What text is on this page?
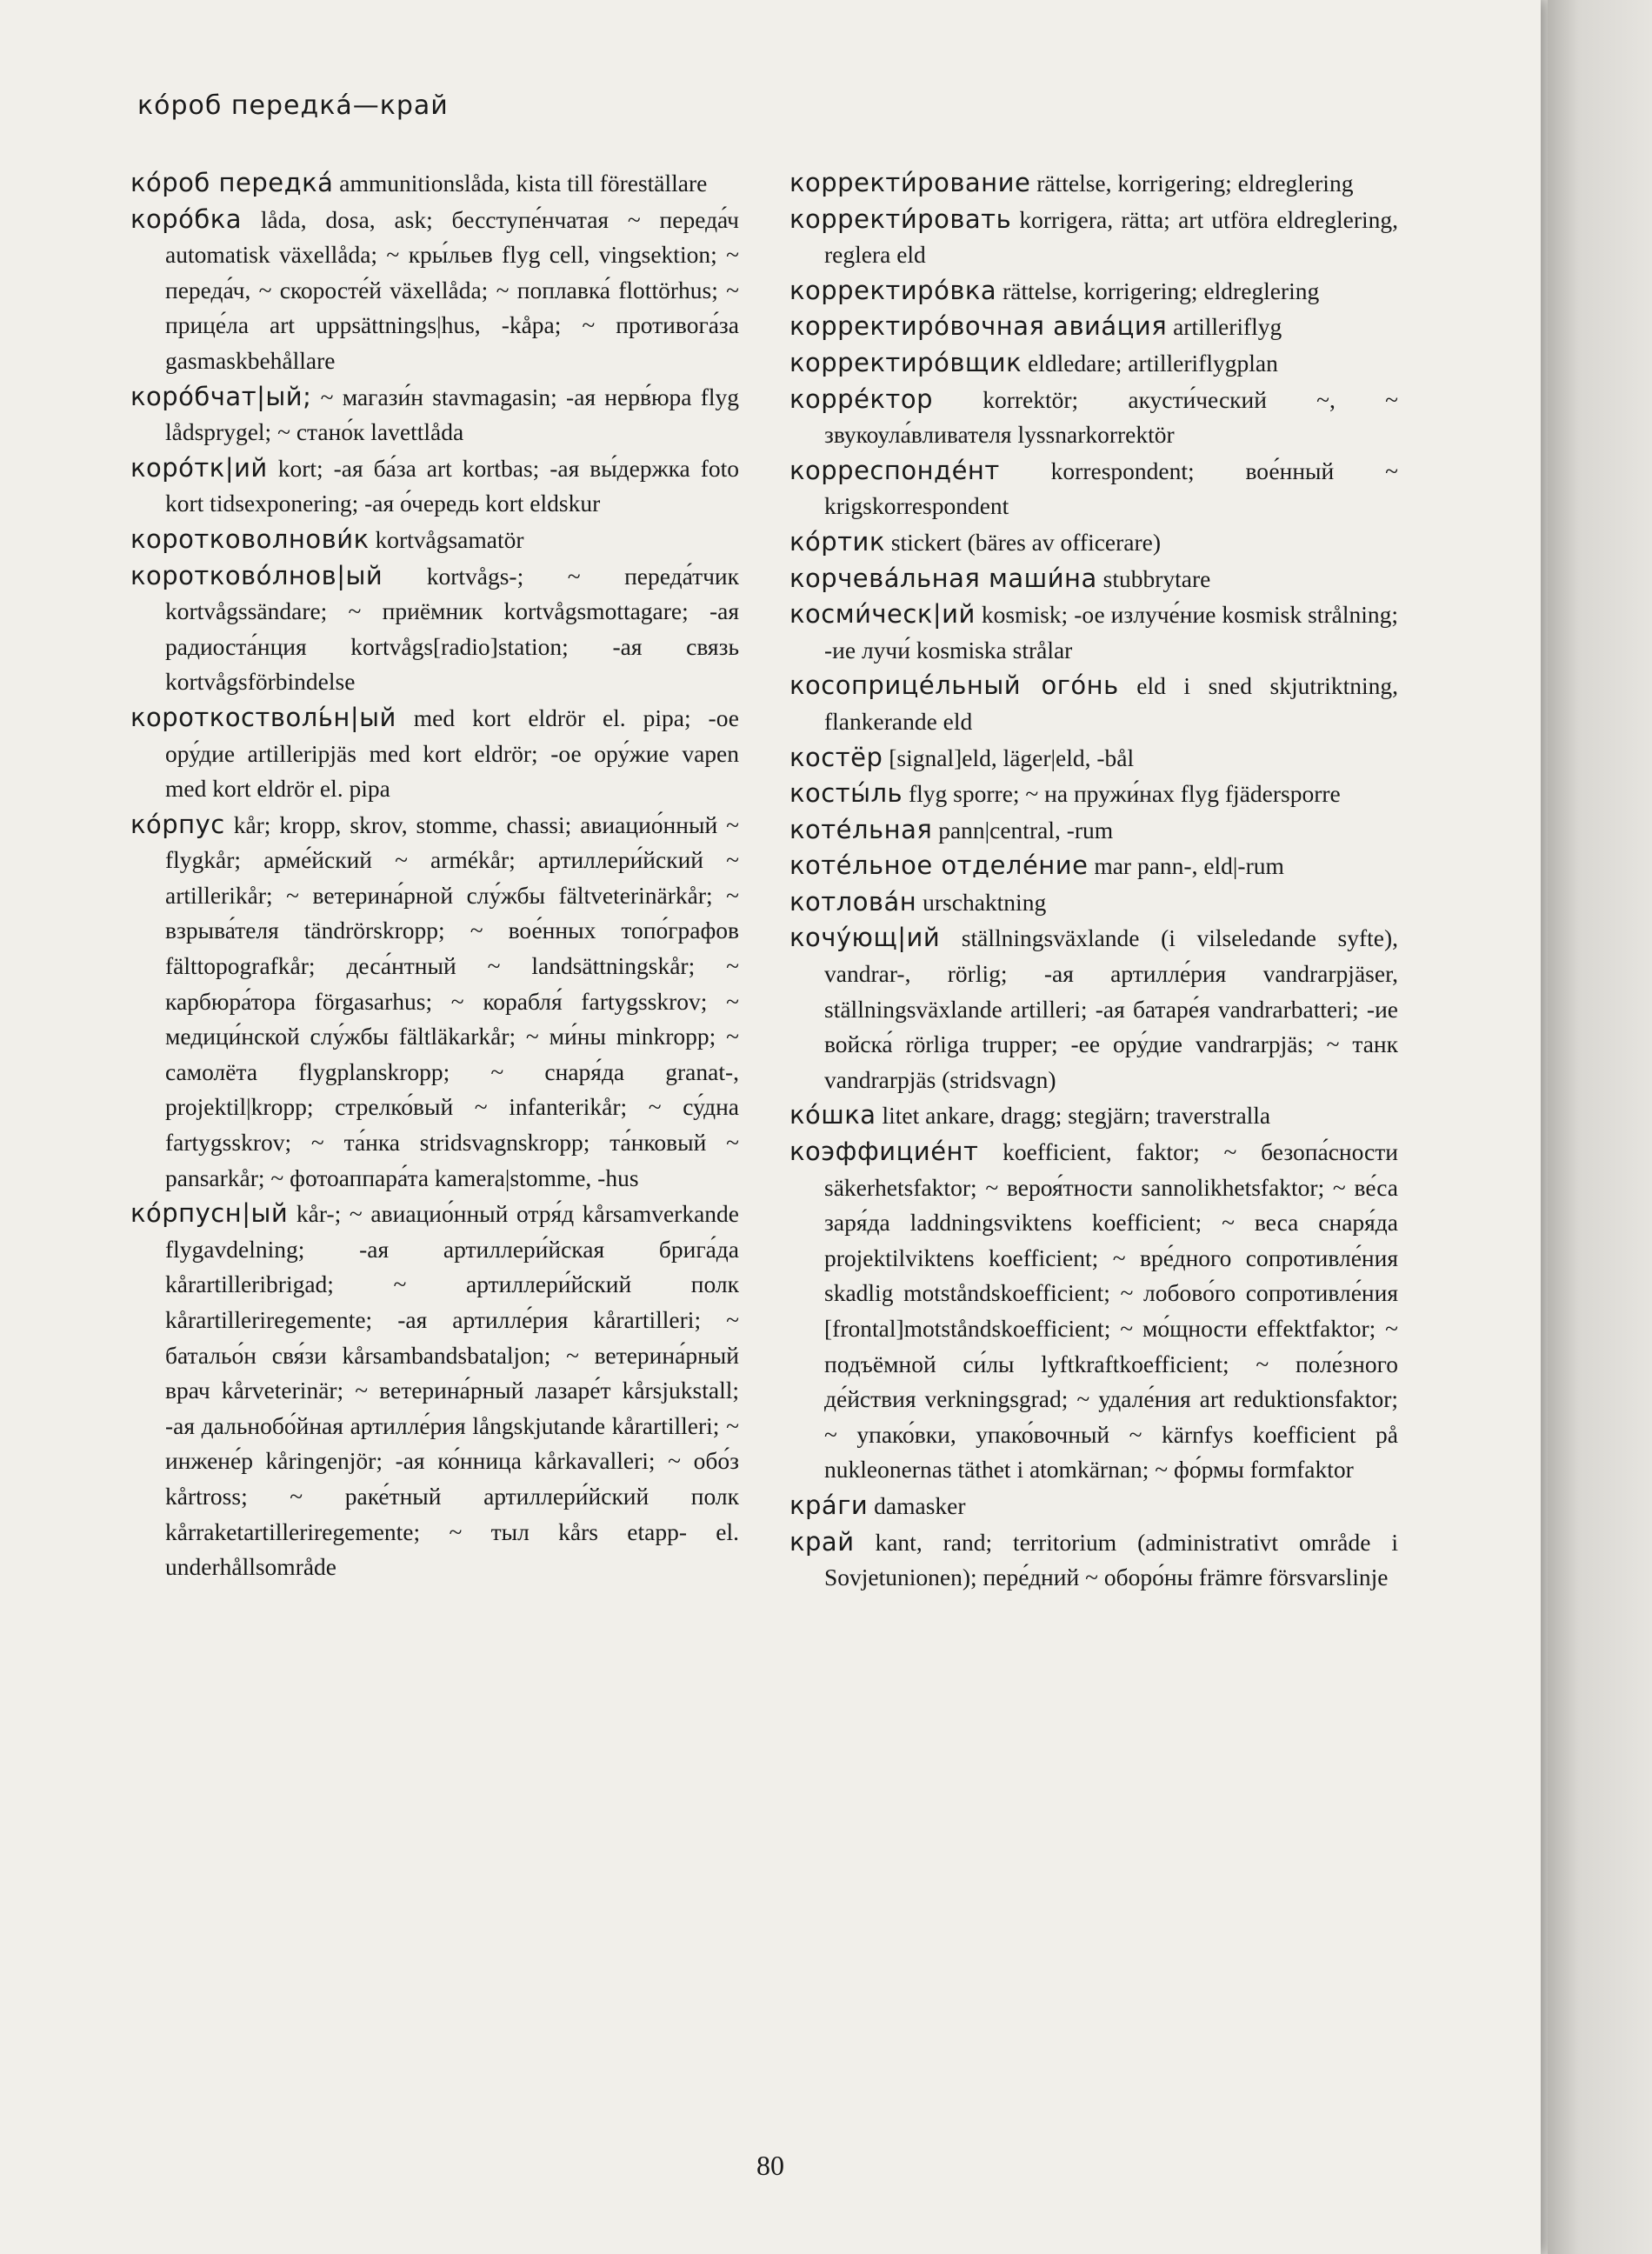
ко́роб передка́—край

ко́роб передка́ ammunitionslåda, kista till föreställare

коро́бка låda, dosa, ask; бесступе́нчатая ~ переда́ч automatisk växellåda; ~ кры́льев flyg cell, vingsektion; ~ переда́ч, ~ скоросте́й växellåda; ~ поплавка́ flottörhus; ~ прице́ла art uppsättnings|hus, -kåpa; ~ противога́за gasmaskbehållare

коро́бчат|ый; ~ магази́н stavmagasin; -ая нерв́юра flyg lådsprygel; ~ стано́к lavettlåda

коро́тк|ий kort; -ая ба́за art kortbas; -ая вы́держка foto kort tidsexponering; -ая о́чередь kort eldskur

коротковолнови́к kortvågsamatör

коротково́лнов|ый kortvågs-; ~ переда́тчик kortvågssändare; ~ приёмник kortvågsmottagare; -ая радиоста́нция kortvågs[radio]station; -ая связь kortvågsförbindelse

короткостволь́н|ый med kort eldrör el. pipa; -ое ору́дие artilleripjäs med kort eldrör; -ое ору́жие vapen med kort eldrör el. pipa

ко́рпус kår; kropp, skrov, stomme, chassi; авиацио́нный ~ flygkår; арме́йский ~ armékår; артиллери́йский ~ artillerikår; ~ ветерина́рной слу́жбы fältveterinärkår; ~ взрыва́теля tändrörskropp; ~ вое́нных топо́графов fälttopografkår; деса́нтный ~ landsättningskår; ~ карбюра́тора förgasarhus; ~ корабля́ fartygsskrov; ~ медици́нской слу́жбы fältläkarkår; ~ ми́ны minkropp; ~ самолёта flygplanskropp; ~ снаря́да granat-, projektil|kropp; стрелко́вый ~ infanterikår; ~ су́дна fartygsskrov; ~ та́нка stridsvagnskropp; та́нковый ~ pansarkår; ~ фотоаппара́та kamera|stomme, -hus

ко́рпусн|ый kår-; ~ авиацио́нный отря́д kårsamverkande flygavdelning; -ая артиллери́йская брига́да kårartilleribrigad; ~ артиллери́йский полк kårartilleriregemente; -ая артилле́рия kårartilleri; ~ батальо́н свя́зи kårsambandsbataljon; ~ ветерина́рный врач kårveterinär; ~ ветерина́рный лазаре́т kårsjukstall; -ая дальнобо́йная артилле́рия långskjutande kårartilleri; ~ инжене́р kåringenjör; -ая ко́нница kårkavalleri; ~ обо́з kårtross; ~ раке́тный артиллери́йский полк kårraketartilleriregemente; ~ тыл kårs etapp- el. underhållsområde

корректи́рование rättelse, korrigering; eldreglering

корректи́ровать korrigera, rätta; art utföra eldreglering, reglera eld

корректиро́вка rättelse, korrigering; eldreglering

корректиро́вочная авиа́ция artilleriflyg

корректиро́вщик eldledare; artilleriflygplan

корре́ктор korrektör; акусти́ческий ~, ~ звукоула́вливателя lyssnarkorrektör

корреспонде́нт korrespondent; вое́нный ~ krigskorrespondent

ко́ртик stickert (bäres av officerare)

корчева́льная маши́на stubbrytare

косми́ческ|ий kosmisk; -ое излуче́ние kosmisk strålning; -ие лучи́ kosmiska strålar

косоприце́льный ого́нь eld i sned skjutriktning, flankerande eld

костёр [signal]eld, läger|eld, -bål

косты́ль flyg sporre; ~ на пружи́нах flyg fjädersporre

коте́льная pann|central, -rum

коте́льное отделе́ние mar pann-, eld|-rum

котлова́н urschaktning

кочу́ющ|ий ställningsväxlande (i vilseledande syfte), vandrar-, rörlig; -ая артилле́рия vandrarpjäser, ställningsväxlande artilleri; -ая батаре́я vandrarbatteri; -ие войска́ rörliga trupper; -ее ору́дие vandrarpjäs; ~ танк vandrarpjäs (stridsvagn)

ко́шка litet ankare, dragg; stegjärn; traverstralla

коэффицие́нт koefficient, faktor; ~ безопа́сности säkerhetsfaktor; ~ вероя́тности sannolikhetsfaktor; ~ ве́са заря́да laddningsviktens koefficient; ~ веса снаря́да projektilviktens koefficient; ~ вре́дного сопротивле́ния skadlig motståndskoefficient; ~ лобово́го сопротивле́ния [frontal]motståndskoefficient; ~ мо́щности effektfaktor; ~ подъёмной си́лы lyftkraftkoefficient; ~ поле́зного де́йствия verkningsgrad; ~ удале́ния art reduktionsfaktor; ~ упако́вки, упако́вочный ~ kärnfys koefficient på nukleonernas täthet i atomkärnan; ~ фо́рмы formfaktor

кра́ги damasker

край kant, rand; territorium (administrativt område i Sovjetunionen); пере́дний ~ оборо́ны främre försvarslinje

80
